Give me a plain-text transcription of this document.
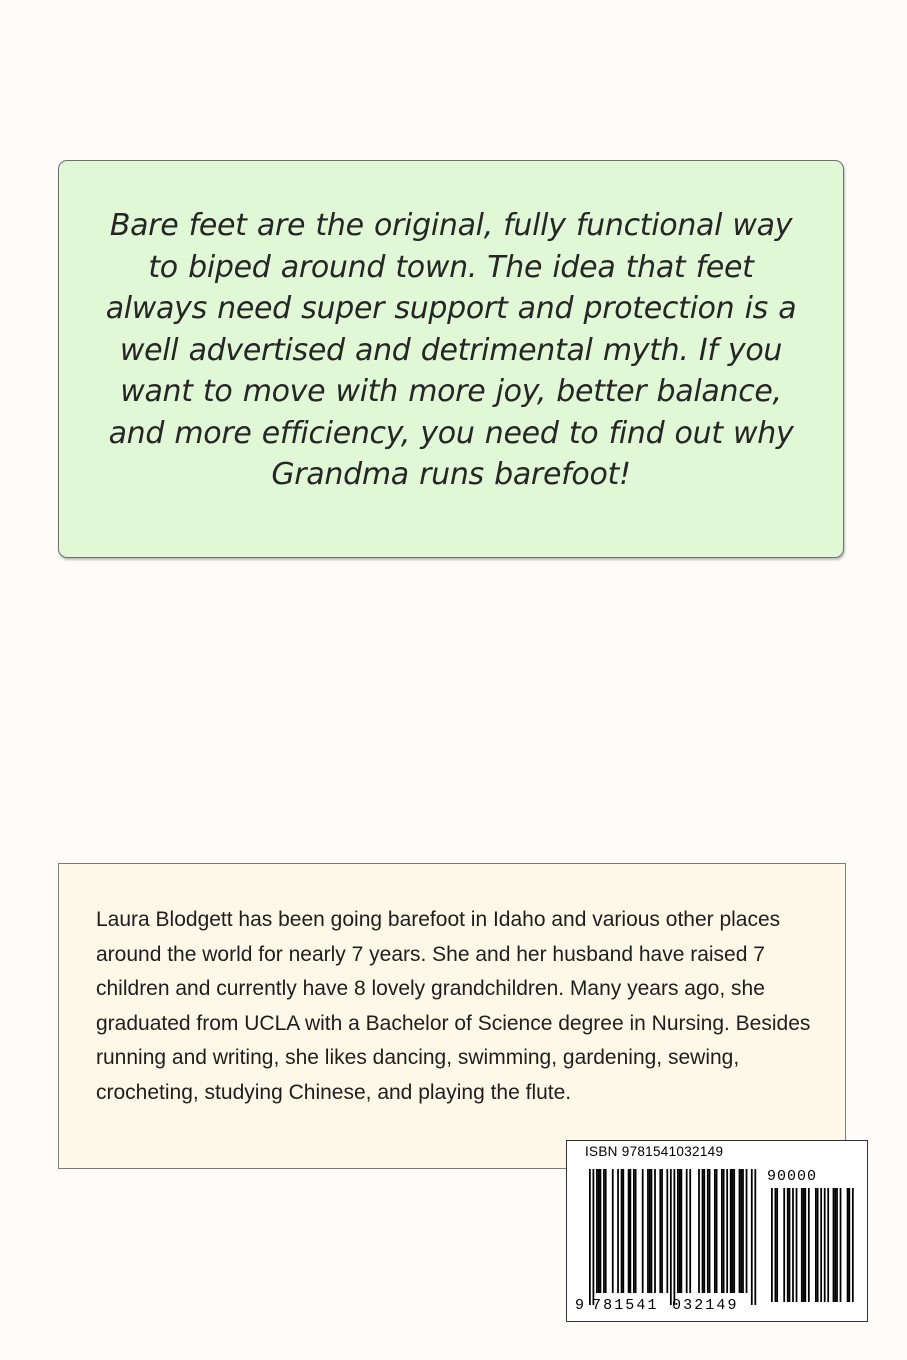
Bare feet are the original, fully functional way to biped around town. The idea that feet always need super support and protection is a well advertised and detrimental myth. If you want to move with more joy, better balance, and more efficiency, you need to find out why Grandma runs barefoot!
Laura Blodgett has been going barefoot in Idaho and various other places around the world for nearly 7 years. She and her husband have raised 7 children and currently have 8 lovely grandchildren. Many years ago, she graduated from UCLA with a Bachelor of Science degree in Nursing. Besides running and writing, she likes dancing, swimming, gardening, sewing, crocheting, studying Chinese, and playing the flute.
ISBN 9781541032149
90000
9 781541 032149
